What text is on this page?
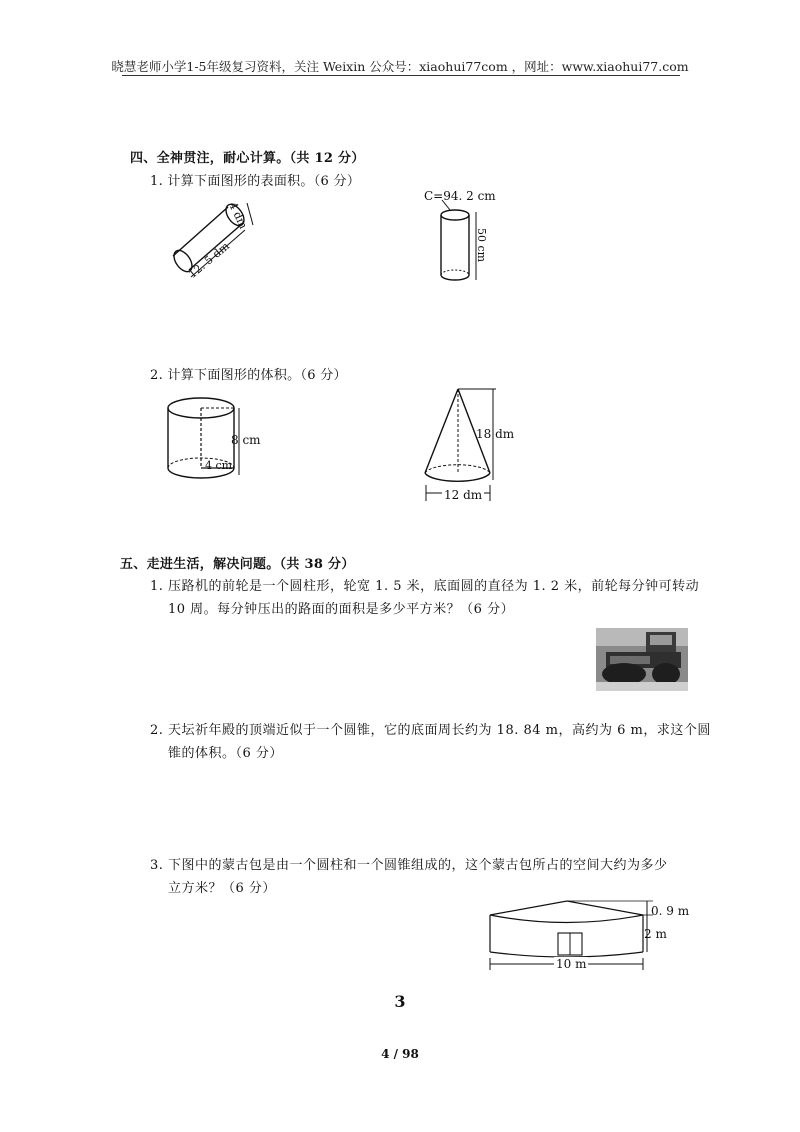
晓慧老师小学1-5年级复习资料，关注 Weixin 公众号：xiaohui77com ，网址：www.xiaohui77.com
四、全神贯注，耐心计算。（共 12 分）
1. 计算下面图形的表面积。（6 分）
4 dm
12. 5 dm
C=94. 2 cm
50 cm
2. 计算下面图形的体积。（6 分）
8 cm
4 cm
18 dm
12 dm
五、走进生活，解决问题。（共 38 分）
1. 压路机的前轮是一个圆柱形，轮宽 1. 5 米，底面圆的直径为 1. 2 米，前轮每分钟可转动
10 周。每分钟压出的路面的面积是多少平方米？（6 分）
2. 天坛祈年殿的顶端近似于一个圆锥，它的底面周长约为 18. 84 m，高约为 6 m，求这个圆
锥的体积。（6 分）
3. 下图中的蒙古包是由一个圆柱和一个圆锥组成的，这个蒙古包所占的空间大约为多少
立方米？（6 分）
0. 9 m
2 m
10 m
3
4 / 98
